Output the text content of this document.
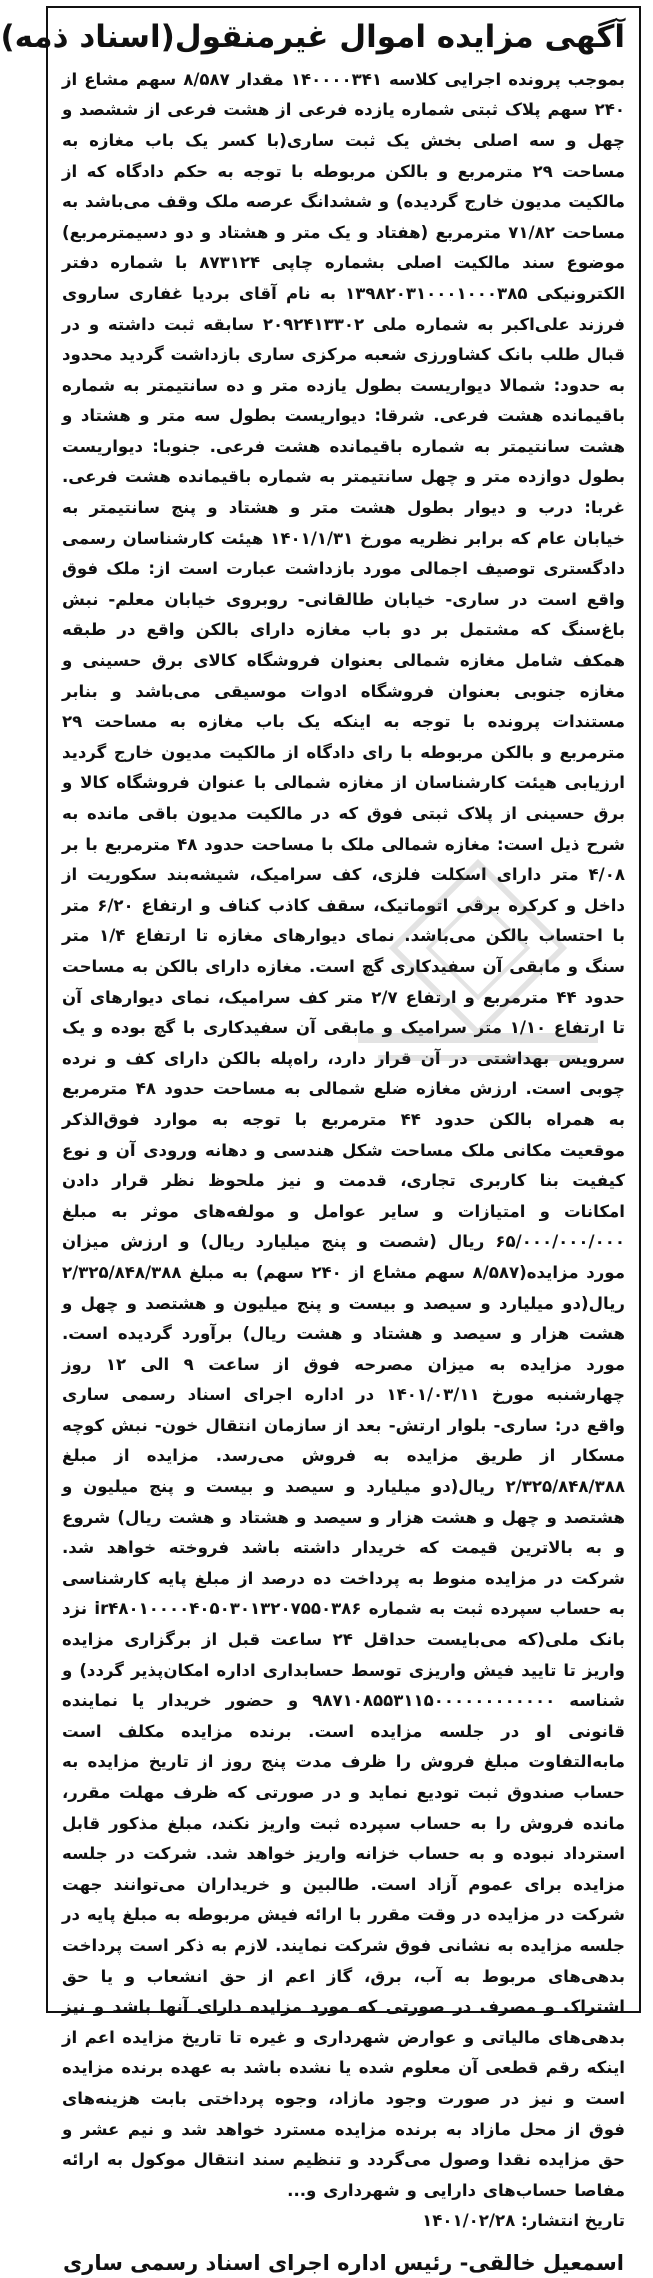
آگهی مزایده اموال غیرمنقول(اسناد ذمه)

بموجب پرونده اجرایی کلاسه ۱۴۰۰۰۰۳۴۱ مقدار ۸/۵۸۷ سهم مشاع از ۲۴۰ سهم پلاک ثبتی شماره یازده فرعی از هشت فرعی از ششصد و چهل و سه اصلی بخش یک ثبت ساری(با کسر یک باب مغازه به مساحت ۲۹ مترمربع و بالکن مربوطه با توجه به حکم دادگاه که از مالکیت مدیون خارج گردیده) و ششدانگ عرصه ملک وقف می‌باشد به مساحت ۷۱/۸۲ مترمربع (هفتاد و یک متر و هشتاد و دو دسیمترمربع) موضوع سند مالکیت اصلی بشماره چاپی ۸۷۳۱۲۴ با شماره دفتر الکترونیکی ۱۳۹۸۲۰۳۱۰۰۰۱۰۰۰۳۸۵ به نام آقای بردیا غفاری ساروی فرزند علی‌اکبر به شماره ملی ۲۰۹۲۴۱۳۳۰۲ سابقه ثبت داشته و در قبال طلب بانک کشاورزی شعبه مرکزی ساری بازداشت گردید محدود به حدود: شمالا دیواریست بطول یازده متر و ده سانتیمتر به شماره باقیمانده هشت فرعی. شرقا: دیواریست بطول سه متر و هشتاد و هشت سانتیمتر به شماره باقیمانده هشت فرعی. جنوبا: دیواریست بطول دوازده متر و چهل سانتیمتر به شماره باقیمانده هشت فرعی. غربا: درب و دیوار بطول هشت متر و هشتاد و پنج سانتیمتر به خیابان عام که برابر نظریه مورخ ۱۴۰۱/۱/۳۱ هیئت کارشناسان رسمی دادگستری توصیف اجمالی مورد بازداشت عبارت است از: ملک فوق واقع است در ساری- خیابان طالقانی- روبروی خیابان معلم- نبش باغ‌سنگ که مشتمل بر دو باب مغازه دارای بالکن واقع در طبقه همکف شامل مغازه شمالی بعنوان فروشگاه کالای برق حسینی و مغازه جنوبی بعنوان فروشگاه ادوات موسیقی می‌باشد و بنابر مستندات پرونده با توجه به اینکه یک باب مغازه به مساحت ۲۹ مترمربع و بالکن مربوطه با رای دادگاه از مالکیت مدیون خارج گردید ارزیابی هیئت کارشناسان از مغازه شمالی با عنوان فروشگاه کالا و برق حسینی از پلاک ثبتی فوق که در مالکیت مدیون باقی مانده به شرح ذیل است: مغازه شمالی ملک با مساحت حدود ۴۸ مترمربع با بر ۴/۰۸ متر دارای اسکلت فلزی، کف سرامیک، شیشه‌بند سکوریت از داخل و کرکره برقی اتوماتیک، سقف کاذب کناف و ارتفاع ۶/۲۰ متر با احتساب بالکن می‌باشد. نمای دیوارهای مغازه تا ارتفاع ۱/۴ متر سنگ و مابقی آن سفیدکاری گچ است. مغازه دارای بالکن به مساحت حدود ۴۴ مترمربع و ارتفاع ۲/۷ متر کف سرامیک، نمای دیوارهای آن تا ارتفاع ۱/۱۰ متر سرامیک و مابقی آن سفیدکاری با گچ بوده و یک سرویس بهداشتی در آن قرار دارد، راه‌پله بالکن دارای کف و نرده چوبی است. ارزش مغازه ضلع شمالی به مساحت حدود ۴۸ مترمربع به همراه بالکن حدود ۴۴ مترمربع با توجه به موارد فوق‌الذکر موقعیت مکانی ملک مساحت شکل هندسی و دهانه ورودی آن و نوع کیفیت بنا کاربری تجاری، قدمت و نیز ملحوظ نظر قرار دادن امکانات و امتیازات و سایر عوامل و مولفه‌های موثر به مبلغ ۶۵/۰۰۰/۰۰۰/۰۰۰ ریال (شصت و پنج میلیارد ریال) و ارزش میزان مورد مزایده(۸/۵۸۷ سهم مشاع از ۲۴۰ سهم) به مبلغ ۲/۳۲۵/۸۴۸/۳۸۸ ریال(دو میلیارد و سیصد و بیست و پنج میلیون و هشتصد و چهل و هشت هزار و سیصد و هشتاد و هشت ریال) برآورد گردیده است. مورد مزایده به میزان مصرحه فوق از ساعت ۹ الی ۱۲ روز چهارشنبه مورخ ۱۴۰۱/۰۳/۱۱ در اداره اجرای اسناد رسمی ساری واقع در: ساری- بلوار ارتش- بعد از سازمان انتقال خون- نبش کوچه مسکار از طریق مزایده به فروش می‌رسد. مزایده از مبلغ ۲/۳۲۵/۸۴۸/۳۸۸ ریال(دو میلیارد و سیصد و بیست و پنج میلیون و هشتصد و چهل و هشت هزار و سیصد و هشتاد و هشت ریال) شروع و به بالاترین قیمت که خریدار داشته باشد فروخته خواهد شد. شرکت در مزایده منوط به پرداخت ده درصد از مبلغ پایه کارشناسی به حساب سپرده ثبت به شماره ir۴۸۰۱۰۰۰۰۴۰۵۰۳۰۱۳۲۰۷۵۵۰۳۸۶ نزد بانک ملی(که می‌بایست حداقل ۲۴ ساعت قبل از برگزاری مزایده واریز تا تایید فیش واریزی توسط حسابداری اداره امکان‌پذیر گردد) و شناسه ۹۸۷۱۰۸۵۵۳۱۱۵۰۰۰۰۰۰۰۰۰۰۰۰ و حضور خریدار یا نماینده قانونی او در جلسه مزایده است. برنده مزایده مکلف است مابه‌التفاوت مبلغ فروش را ظرف مدت پنج روز از تاریخ مزایده به حساب صندوق ثبت تودیع نماید و در صورتی که ظرف مهلت مقرر، مانده فروش را به حساب سپرده ثبت واریز نکند، مبلغ مذکور قابل استرداد نبوده و به حساب خزانه واریز خواهد شد. شرکت در جلسه مزایده برای عموم آزاد است. طالبین و خریداران می‌توانند جهت شرکت در مزایده در وقت مقرر با ارائه فیش مربوطه به مبلغ پایه در جلسه مزایده به نشانی فوق شرکت نمایند. لازم به ذکر است پرداخت بدهی‌های مربوط به آب، برق، گاز اعم از حق انشعاب و یا حق اشتراک و مصرف در صورتی که مورد مزایده دارای آنها باشد و نیز بدهی‌های مالیاتی و عوارض شهرداری و غیره تا تاریخ مزایده اعم از اینکه رقم قطعی آن معلوم شده یا نشده باشد به عهده برنده مزایده است و نیز در صورت وجود مازاد، وجوه پرداختی بابت هزینه‌های فوق از محل مازاد به برنده مزایده مسترد خواهد شد و نیم عشر و حق مزایده نقدا وصول می‌گردد و تنظیم سند انتقال موکول به ارائه مفاصا حساب‌های دارایی و شهرداری و...

تاریخ انتشار: ۱۴۰۱/۰۲/۲۸

اسمعیل خالقی- رئیس اداره اجرای اسناد رسمی ساری
